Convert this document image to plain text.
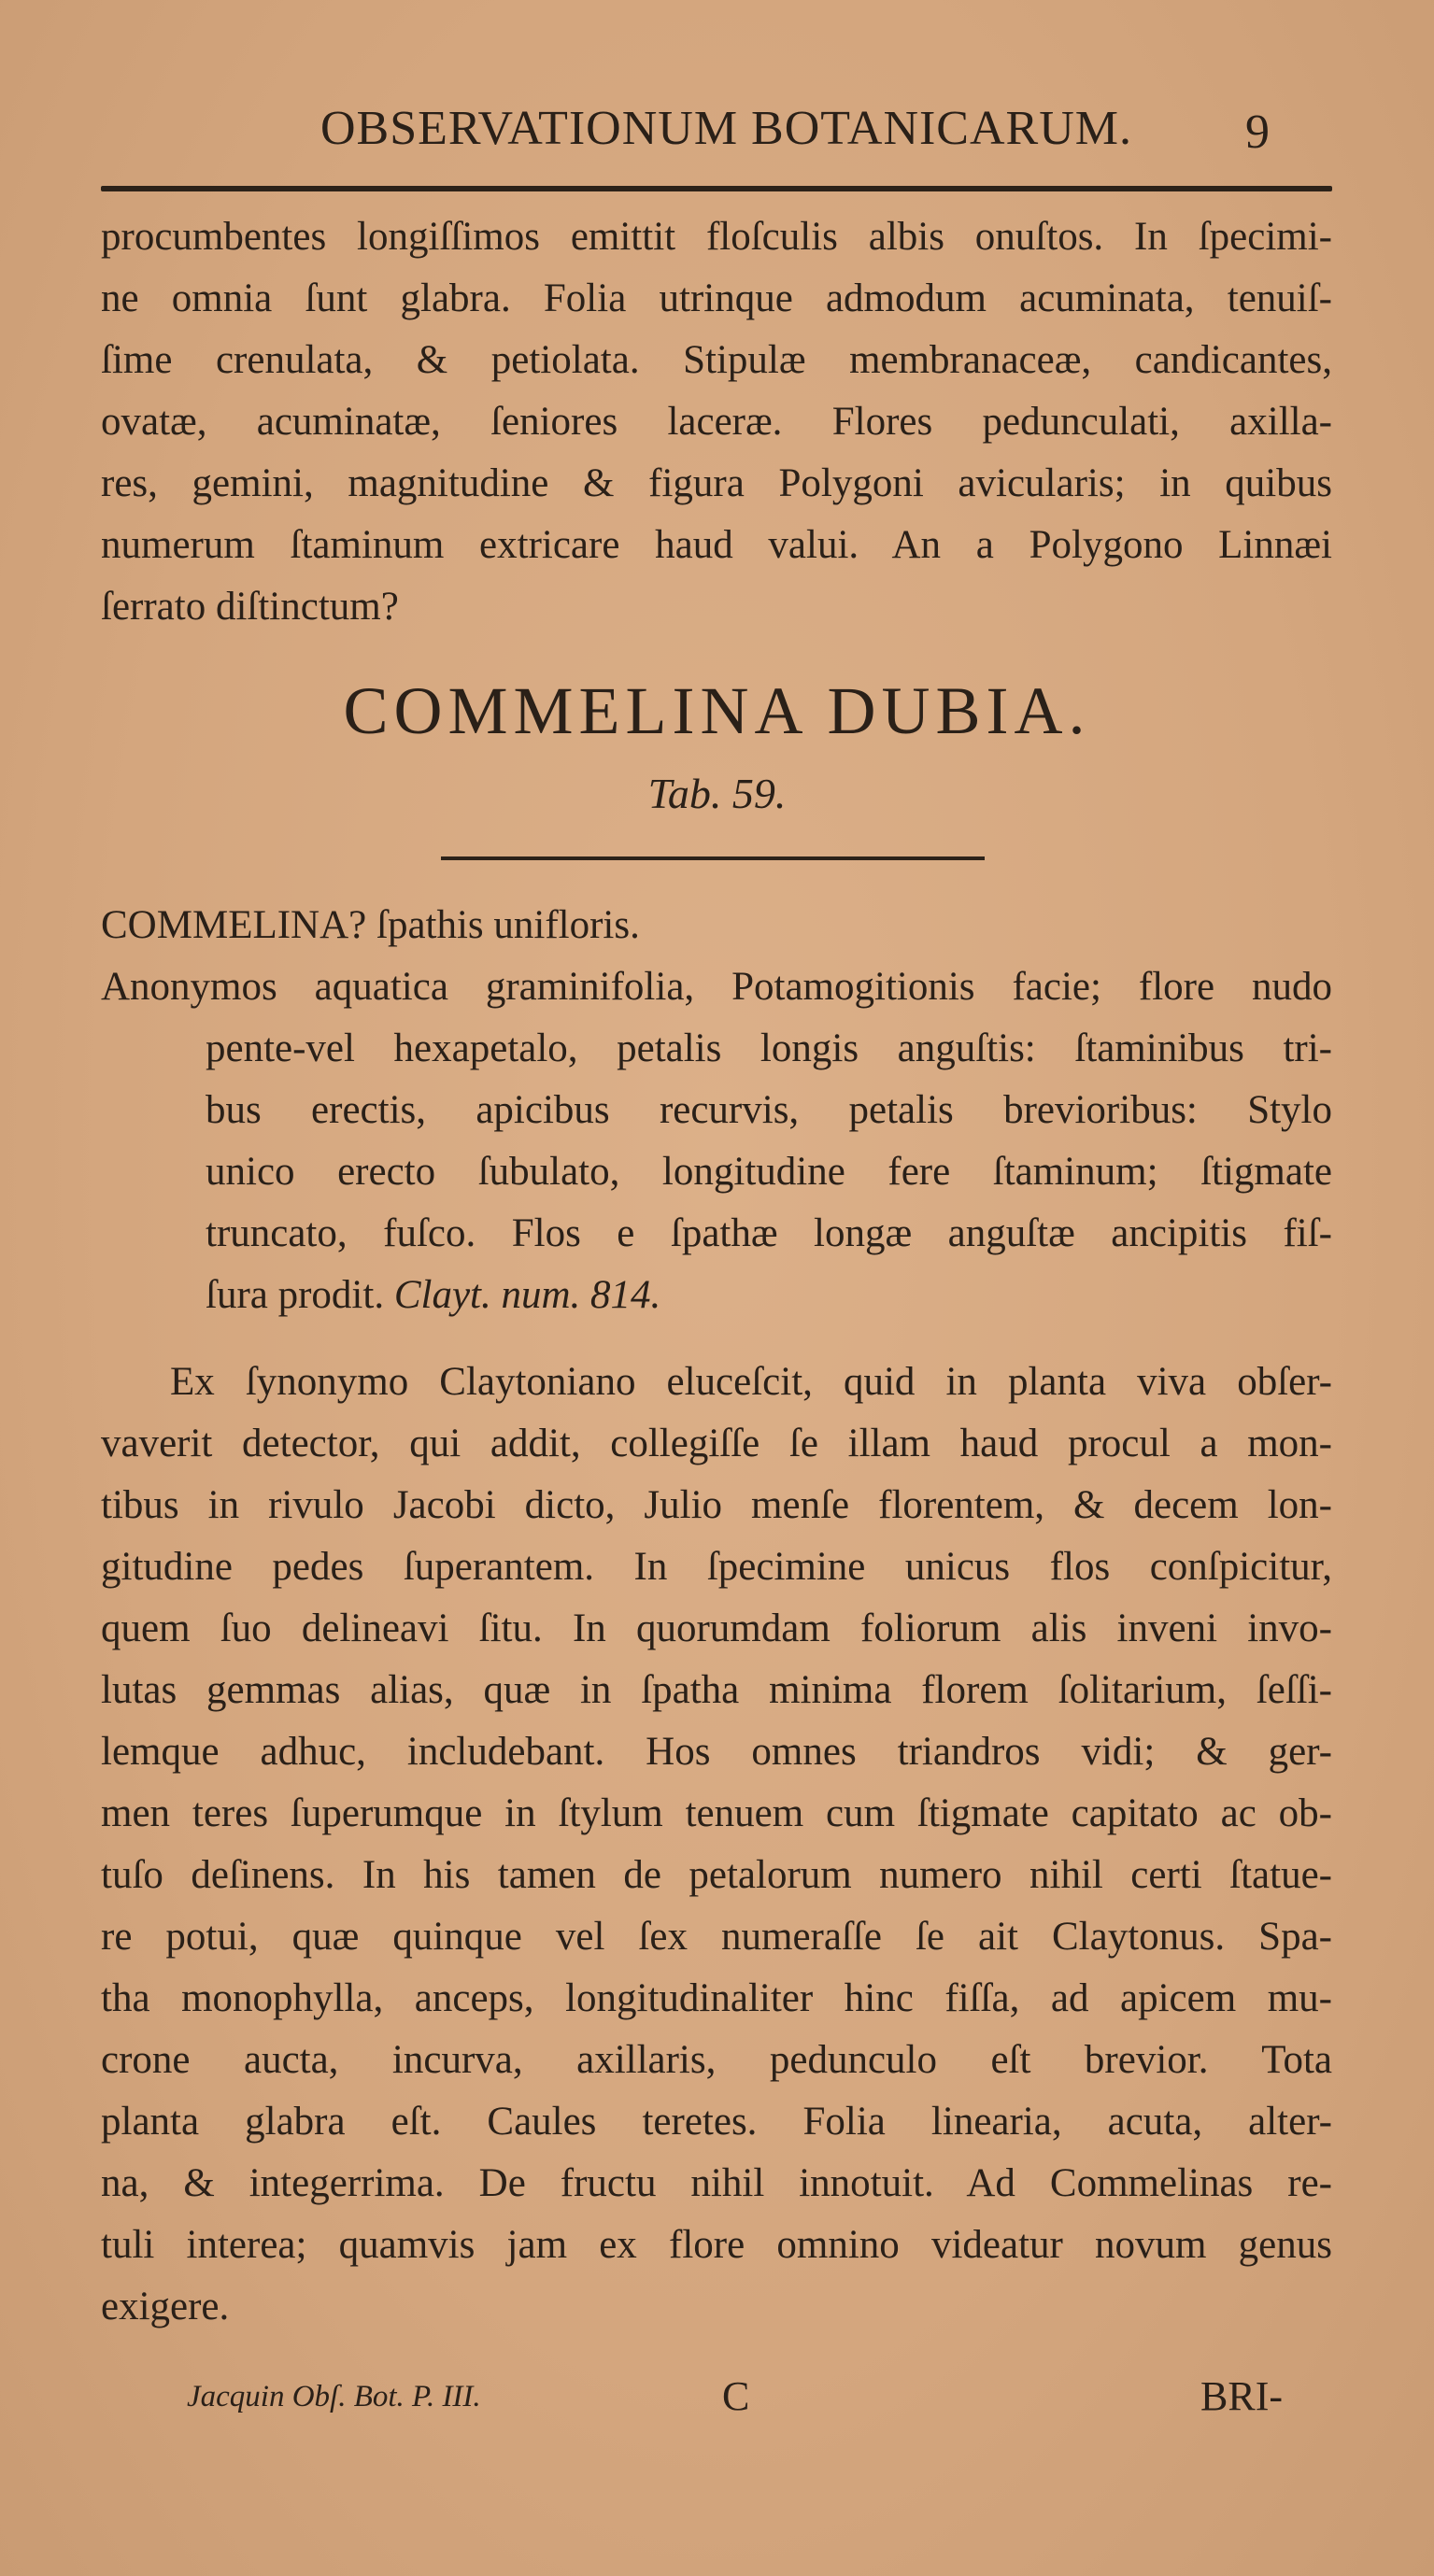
OBSERVATIONUM BOTANICARUM. 9
procumbentes longiſſimos emittit floſculis albis onuſtos. In ſpecimi-
ne omnia ſunt glabra. Folia utrinque admodum acuminata, tenuiſ-
ſime crenulata, & petiolata. Stipulæ membranaceæ, candicantes,
ovatæ, acuminatæ, ſeniores laceræ. Flores pedunculati, axilla-
res, gemini, magnitudine & figura Polygoni avicularis; in quibus
numerum ſtaminum extricare haud valui. An a Polygono Linnæi
ſerrato diſtinctum?
COMMELINA DUBIA.
Tab. 59.
COMMELINA? ſpathis unifloris.
Anonymos aquatica graminifolia, Potamogitionis facie; flore nudo
pente-vel hexapetalo, petalis longis anguſtis: ſtaminibus tri-
bus erectis, apicibus recurvis, petalis brevioribus: Stylo
unico erecto ſubulato, longitudine fere ſtaminum; ſtigmate
truncato, fuſco. Flos e ſpathæ longæ anguſtæ ancipitis fiſ-
ſura prodit. Clayt. num. 814.
Ex ſynonymo Claytoniano eluceſcit, quid in planta viva obſer-
vaverit detector, qui addit, collegiſſe ſe illam haud procul a mon-
tibus in rivulo Jacobi dicto, Julio menſe florentem, & decem lon-
gitudine pedes ſuperantem. In ſpecimine unicus flos conſpicitur,
quem ſuo delineavi ſitu. In quorumdam foliorum alis inveni invo-
lutas gemmas alias, quæ in ſpatha minima florem ſolitarium, ſeſſi-
lemque adhuc, includebant. Hos omnes triandros vidi; & ger-
men teres ſuperumque in ſtylum tenuem cum ſtigmate capitato ac ob-
tuſo deſinens. In his tamen de petalorum numero nihil certi ſtatue-
re potui, quæ quinque vel ſex numeraſſe ſe ait Claytonus. Spa-
tha monophylla, anceps, longitudinaliter hinc fiſſa, ad apicem mu-
crone aucta, incurva, axillaris, pedunculo eſt brevior. Tota
planta glabra eſt. Caules teretes. Folia linearia, acuta, alter-
na, & integerrima. De fructu nihil innotuit. Ad Commelinas re-
tuli interea; quamvis jam ex flore omnino videatur novum genus
exigere.
Jacquin Obſ. Bot. P. III.	C	BRI-
